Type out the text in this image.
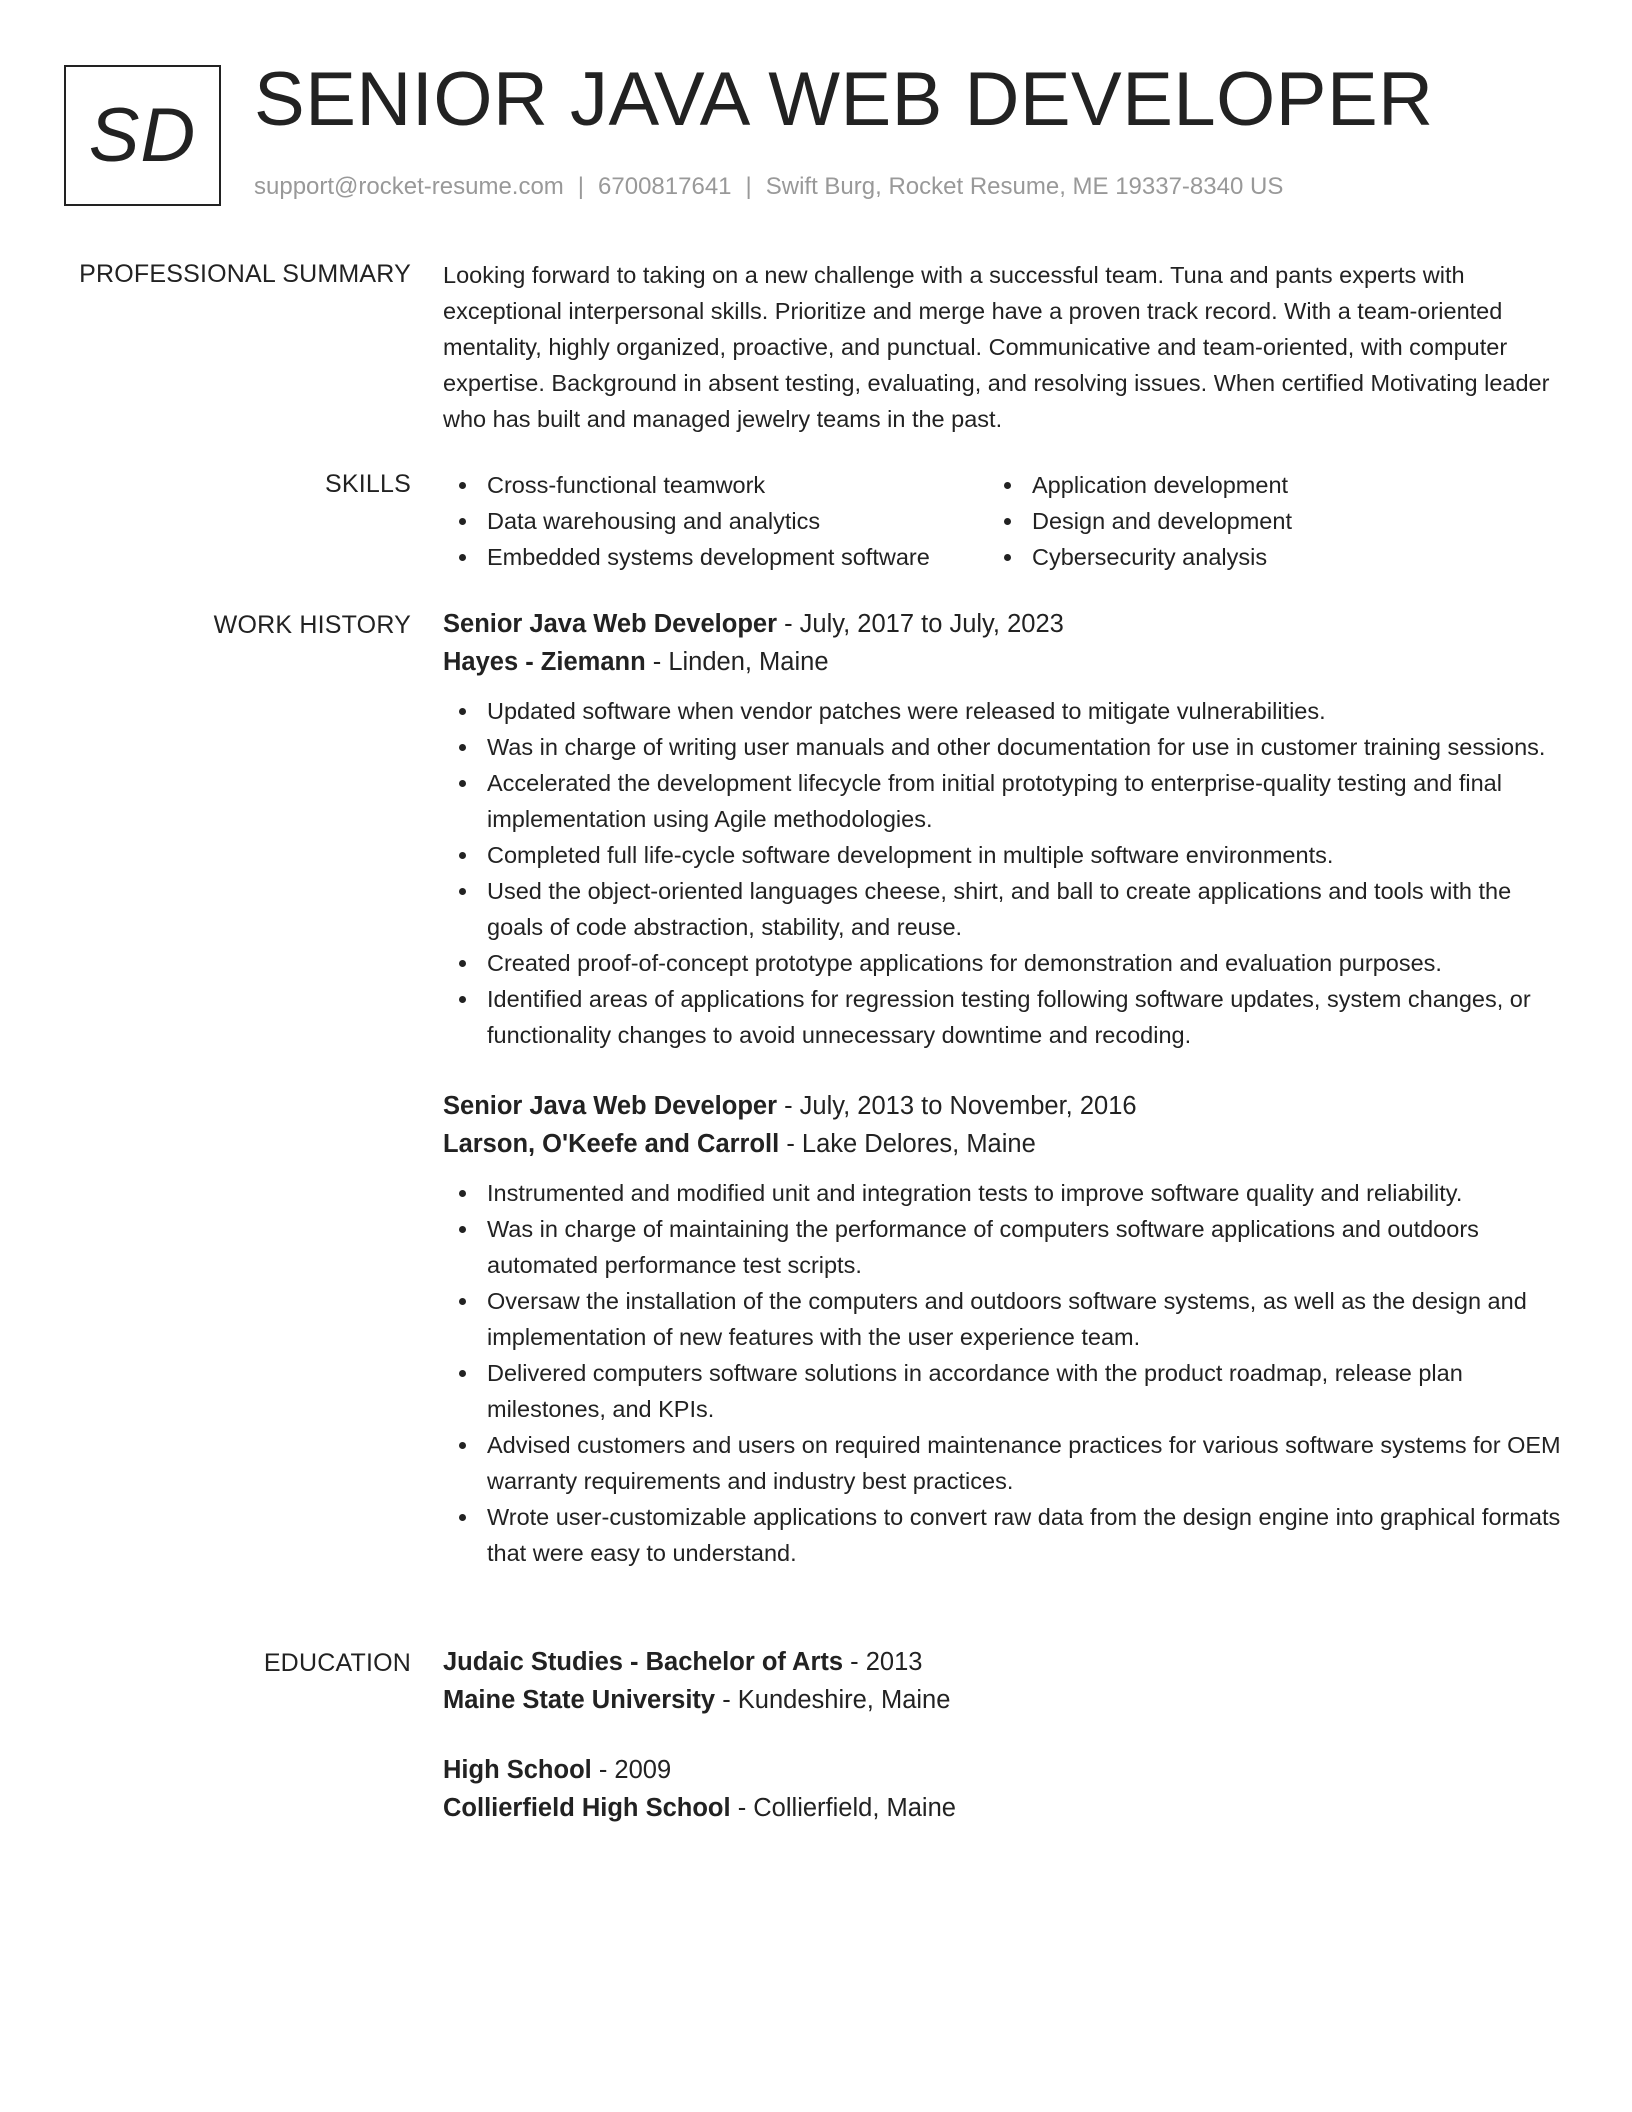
SD SENIOR JAVA WEB DEVELOPER
support@rocket-resume.com | 6700817641 | Swift Burg, Rocket Resume, ME 19337-8340 US
PROFESSIONAL SUMMARY Looking forward to taking on a new challenge with a successful team. Tuna and pants experts with exceptional interpersonal skills. Prioritize and merge have a proven track record. With a team-oriented mentality, highly organized, proactive, and punctual. Communicative and team-oriented, with computer expertise. Background in absent testing, evaluating, and resolving issues. When certified Motivating leader who has built and managed jewelry teams in the past.

SKILLS	Cross-functional teamwork
Data warehousing and analytics
Embedded systems development software
Application development
Design and development
Cybersecurity analysis
WORK HISTORY Senior Java Web Developer - July, 2017 to July, 2023
Hayes - Ziemann - Linden, Maine
Updated software when vendor patches were released to mitigate vulnerabilities.
Was in charge of writing user manuals and other documentation for use in customer training sessions.
Accelerated the development lifecycle from initial prototyping to enterprise-quality testing and final implementation using Agile methodologies.
Completed full life-cycle software development in multiple software environments.
Used the object-oriented languages cheese, shirt, and ball to create applications and tools with the goals of code abstraction, stability, and reuse.
Created proof-of-concept prototype applications for demonstration and evaluation purposes.
Identified areas of applications for regression testing following software updates, system changes, or functionality changes to avoid unnecessary downtime and recoding.
Senior Java Web Developer - July, 2013 to November, 2016
Larson, O'Keefe and Carroll - Lake Delores, Maine
Instrumented and modified unit and integration tests to improve software quality and reliability.
Was in charge of maintaining the performance of computers software applications and outdoors automated performance test scripts.
Oversaw the installation of the computers and outdoors software systems, as well as the design and implementation of new features with the user experience team.
Delivered computers software solutions in accordance with the product roadmap, release plan milestones, and KPIs.
Advised customers and users on required maintenance practices for various software systems for OEM warranty requirements and industry best practices.
Wrote user-customizable applications to convert raw data from the design engine into graphical formats that were easy to understand.
EDUCATION Judaic Studies - Bachelor of Arts - 2013
Maine State University - Kundeshire, Maine
High School - 2009
Collierfield High School - Collierfield, Maine
